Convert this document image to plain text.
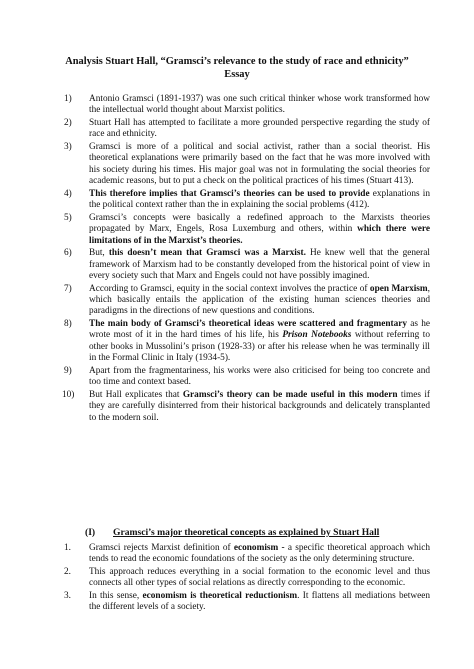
Analysis Stuart Hall, “Gramsci’s relevance to the study of race and ethnicity” Essay
1) Antonio Gramsci (1891-1937) was one such critical thinker whose work transformed how the intellectual world thought about Marxist politics.
2) Stuart Hall has attempted to facilitate a more grounded perspective regarding the study of race and ethnicity.
3) Gramsci is more of a political and social activist, rather than a social theorist. His theoretical explanations were primarily based on the fact that he was more involved with his society during his times. His major goal was not in formulating the social theories for academic reasons, but to put a check on the political practices of his times (Stuart 413).
4) This therefore implies that Gramsci’s theories can be used to provide explanations in the political context rather than the in explaining the social problems (412).
5) Gramsci’s concepts were basically a redefined approach to the Marxists theories propagated by Marx, Engels, Rosa Luxemburg and others, within which there were limitations of in the Marxist’s theories.
6) But, this doesn’t mean that Gramsci was a Marxist. He knew well that the general framework of Marxism had to be constantly developed from the historical point of view in every society such that Marx and Engels could not have possibly imagined.
7) According to Gramsci, equity in the social context involves the practice of open Marxism, which basically entails the application of the existing human sciences theories and paradigms in the directions of new questions and conditions.
8) The main body of Gramsci’s theoretical ideas were scattered and fragmentary as he wrote most of it in the hard times of his life, his Prison Notebooks without referring to other books in Mussolini’s prison (1928-33) or after his release when he was terminally ill in the Formal Clinic in Italy (1934-5).
9) Apart from the fragmentariness, his works were also criticised for being too concrete and too time and context based.
10) But Hall explicates that Gramsci’s theory can be made useful in this modern times if they are carefully disinterred from their historical backgrounds and delicately transplanted to the modern soil.
(I) Gramsci’s major theoretical concepts as explained by Stuart Hall
1. Gramsci rejects Marxist definition of economism - a specific theoretical approach which tends to read the economic foundations of the society as the only determining structure.
2. This approach reduces everything in a social formation to the economic level and thus connects all other types of social relations as directly corresponding to the economic.
3. In this sense, economism is theoretical reductionism. It flattens all mediations between the different levels of a society.
